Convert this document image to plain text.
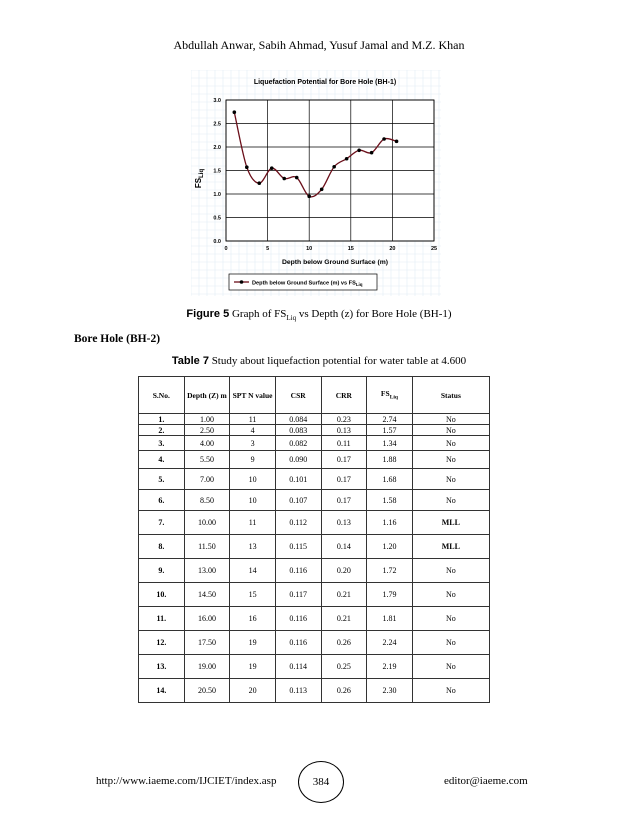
Abdullah Anwar, Sabih Ahmad, Yusuf Jamal and M.Z. Khan
Liquefaction Potential for Bore Hole (BH-1)
0	5	10	15	20	25
0.0
0.5
1.0
1.5
2.0
2.5
3.0
Depth below Ground Surface (m)
$FS_{Liq}$
Depth below Ground Surface (m) vs $FS_{Liq}$
Figure 5 Graph of $FS_{Liq}$ vs Depth (z) for Bore Hole (BH-1)
Bore Hole (BH-2)
Table 7 Study about liquefaction potential for water table at 4.600
S.No.	Depth (Z) m	SPT N value	CSR	CRR	$FS_{Liq}$	Status
1.	1.00	11	0.084	0.23	2.74	No
2.	2.50	4	0.083	0.13	1.57	No
3.	4.00	3	0.082	0.11	1.34	No
4.	5.50	9	0.090	0.17	1.88	No
5.	7.00	10	0.101	0.17	1.68	No
6.	8.50	10	0.107	0.17	1.58	No
7.	10.00	11	0.112	0.13	1.16	MLL
8.	11.50	13	0.115	0.14	1.20	MLL
9.	13.00	14	0.116	0.20	1.72	No
10.	14.50	15	0.117	0.21	1.79	No
11.	16.00	16	0.116	0.21	1.81	No
12.	17.50	19	0.116	0.26	2.24	No
13.	19.00	19	0.114	0.25	2.19	No
14.	20.50	20	0.113	0.26	2.30	No
http://www.iaeme.com/IJCIET/index.asp	384	editor@iaeme.com
